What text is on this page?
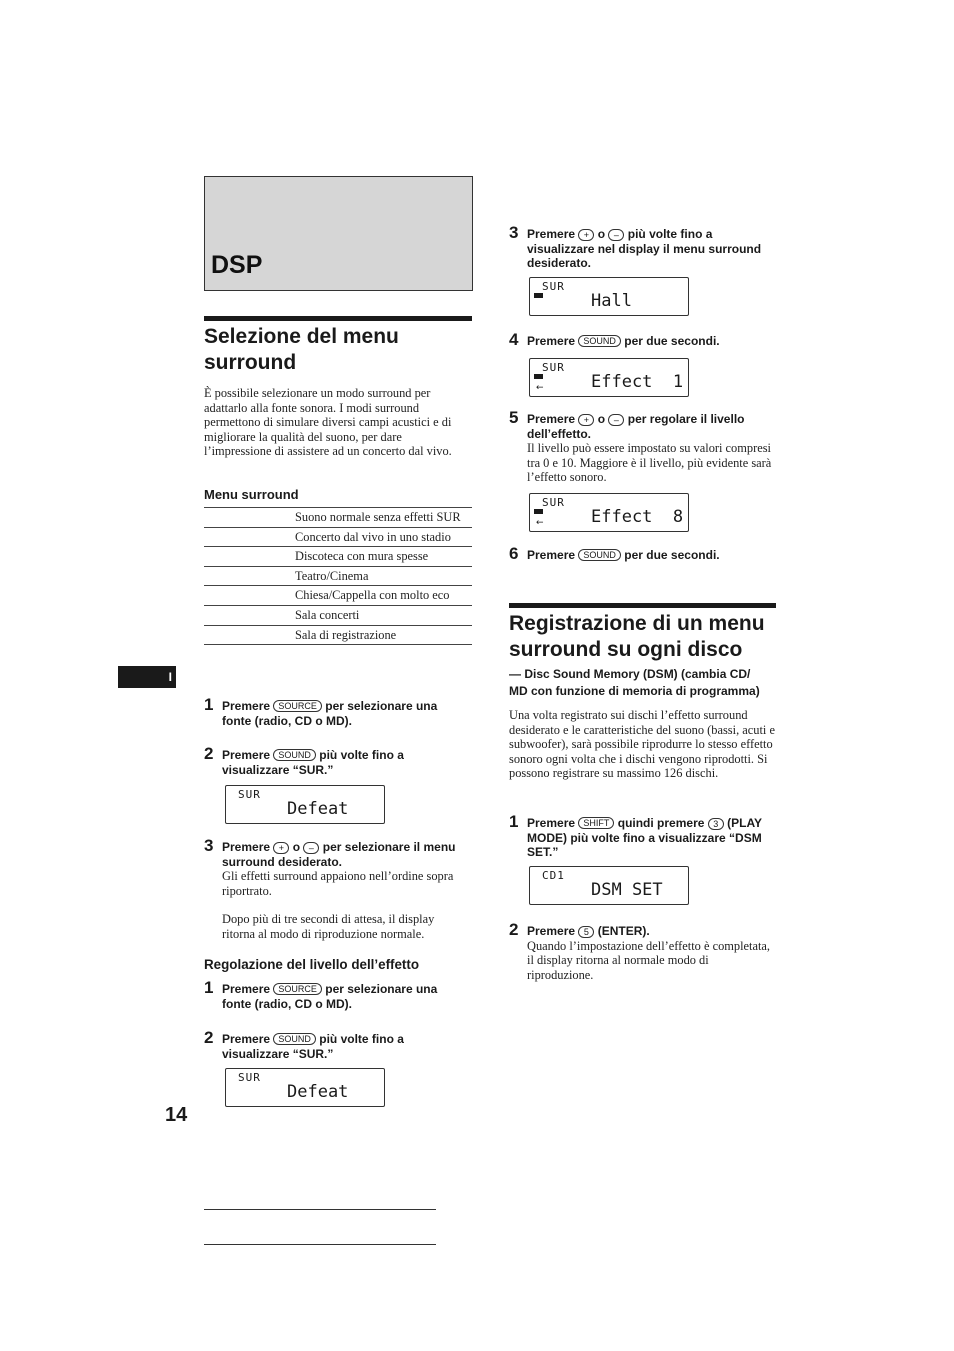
DSP
Selezione del menu
surround
È possibile selezionare un modo surround per adattarlo alla fonte sonora. I modi surround permettono di simulare diversi campi acustici e di migliorare la qualità del suono, per dare l’impressione di assistere ad un concerto dal vivo.
Menu surround
Suono normale senza effetti SUR
Concerto dal vivo in uno stadio
Discoteca con mura spesse
Teatro/Cinema
Chiesa/Cappella con molto eco
Sala concerti
Sala di registrazione
I
1 Premere SOURCE per selezionare una fonte (radio, CD o MD).
2 Premere SOUND più volte fino a visualizzare “SUR.”
SUR
Defeat
3 Premere + o – per selezionare il menu surround desiderato.
Gli effetti surround appaiono nell’ordine sopra riportrato.
Dopo più di tre secondi di attesa, il display ritorna al modo di riproduzione normale.
Regolazione del livello dell’effetto
1 Premere SOURCE per selezionare una fonte (radio, CD o MD).
2 Premere SOUND più volte fino a visualizzare “SUR.”
SUR
Defeat
14
3 Premere + o – più volte fino a visualizzare nel display il menu surround desiderato.
SUR
Hall
4 Premere SOUND per due secondi.
SUR
←	Effect  1
5 Premere + o – per regolare il livello dell’effetto.
Il livello può essere impostato su valori compresi tra 0 e 10. Maggiore è il livello, più evidente sarà l’effetto sonoro.
SUR
←	Effect  8
6 Premere SOUND per due secondi.
Registrazione di un menu
surround su ogni disco
— Disc Sound Memory (DSM) (cambia CD/
MD con funzione di memoria di programma)
Una volta registrato sui dischi l’effetto surround desiderato e le caratteristiche del suono (bassi, acuti e subwoofer), sarà possibile riprodurre lo stesso effetto sonoro ogni volta che i dischi vengono riprodotti. Si possono registrare su massimo 126 dischi.
1 Premere SHIFT quindi premere 3 (PLAY MODE) più volte fino a visualizzare “DSM SET.”
CD1
DSM SET
2 Premere 5 (ENTER).
Quando l’impostazione dell’effetto è completata, il display ritorna al normale modo di riproduzione.
